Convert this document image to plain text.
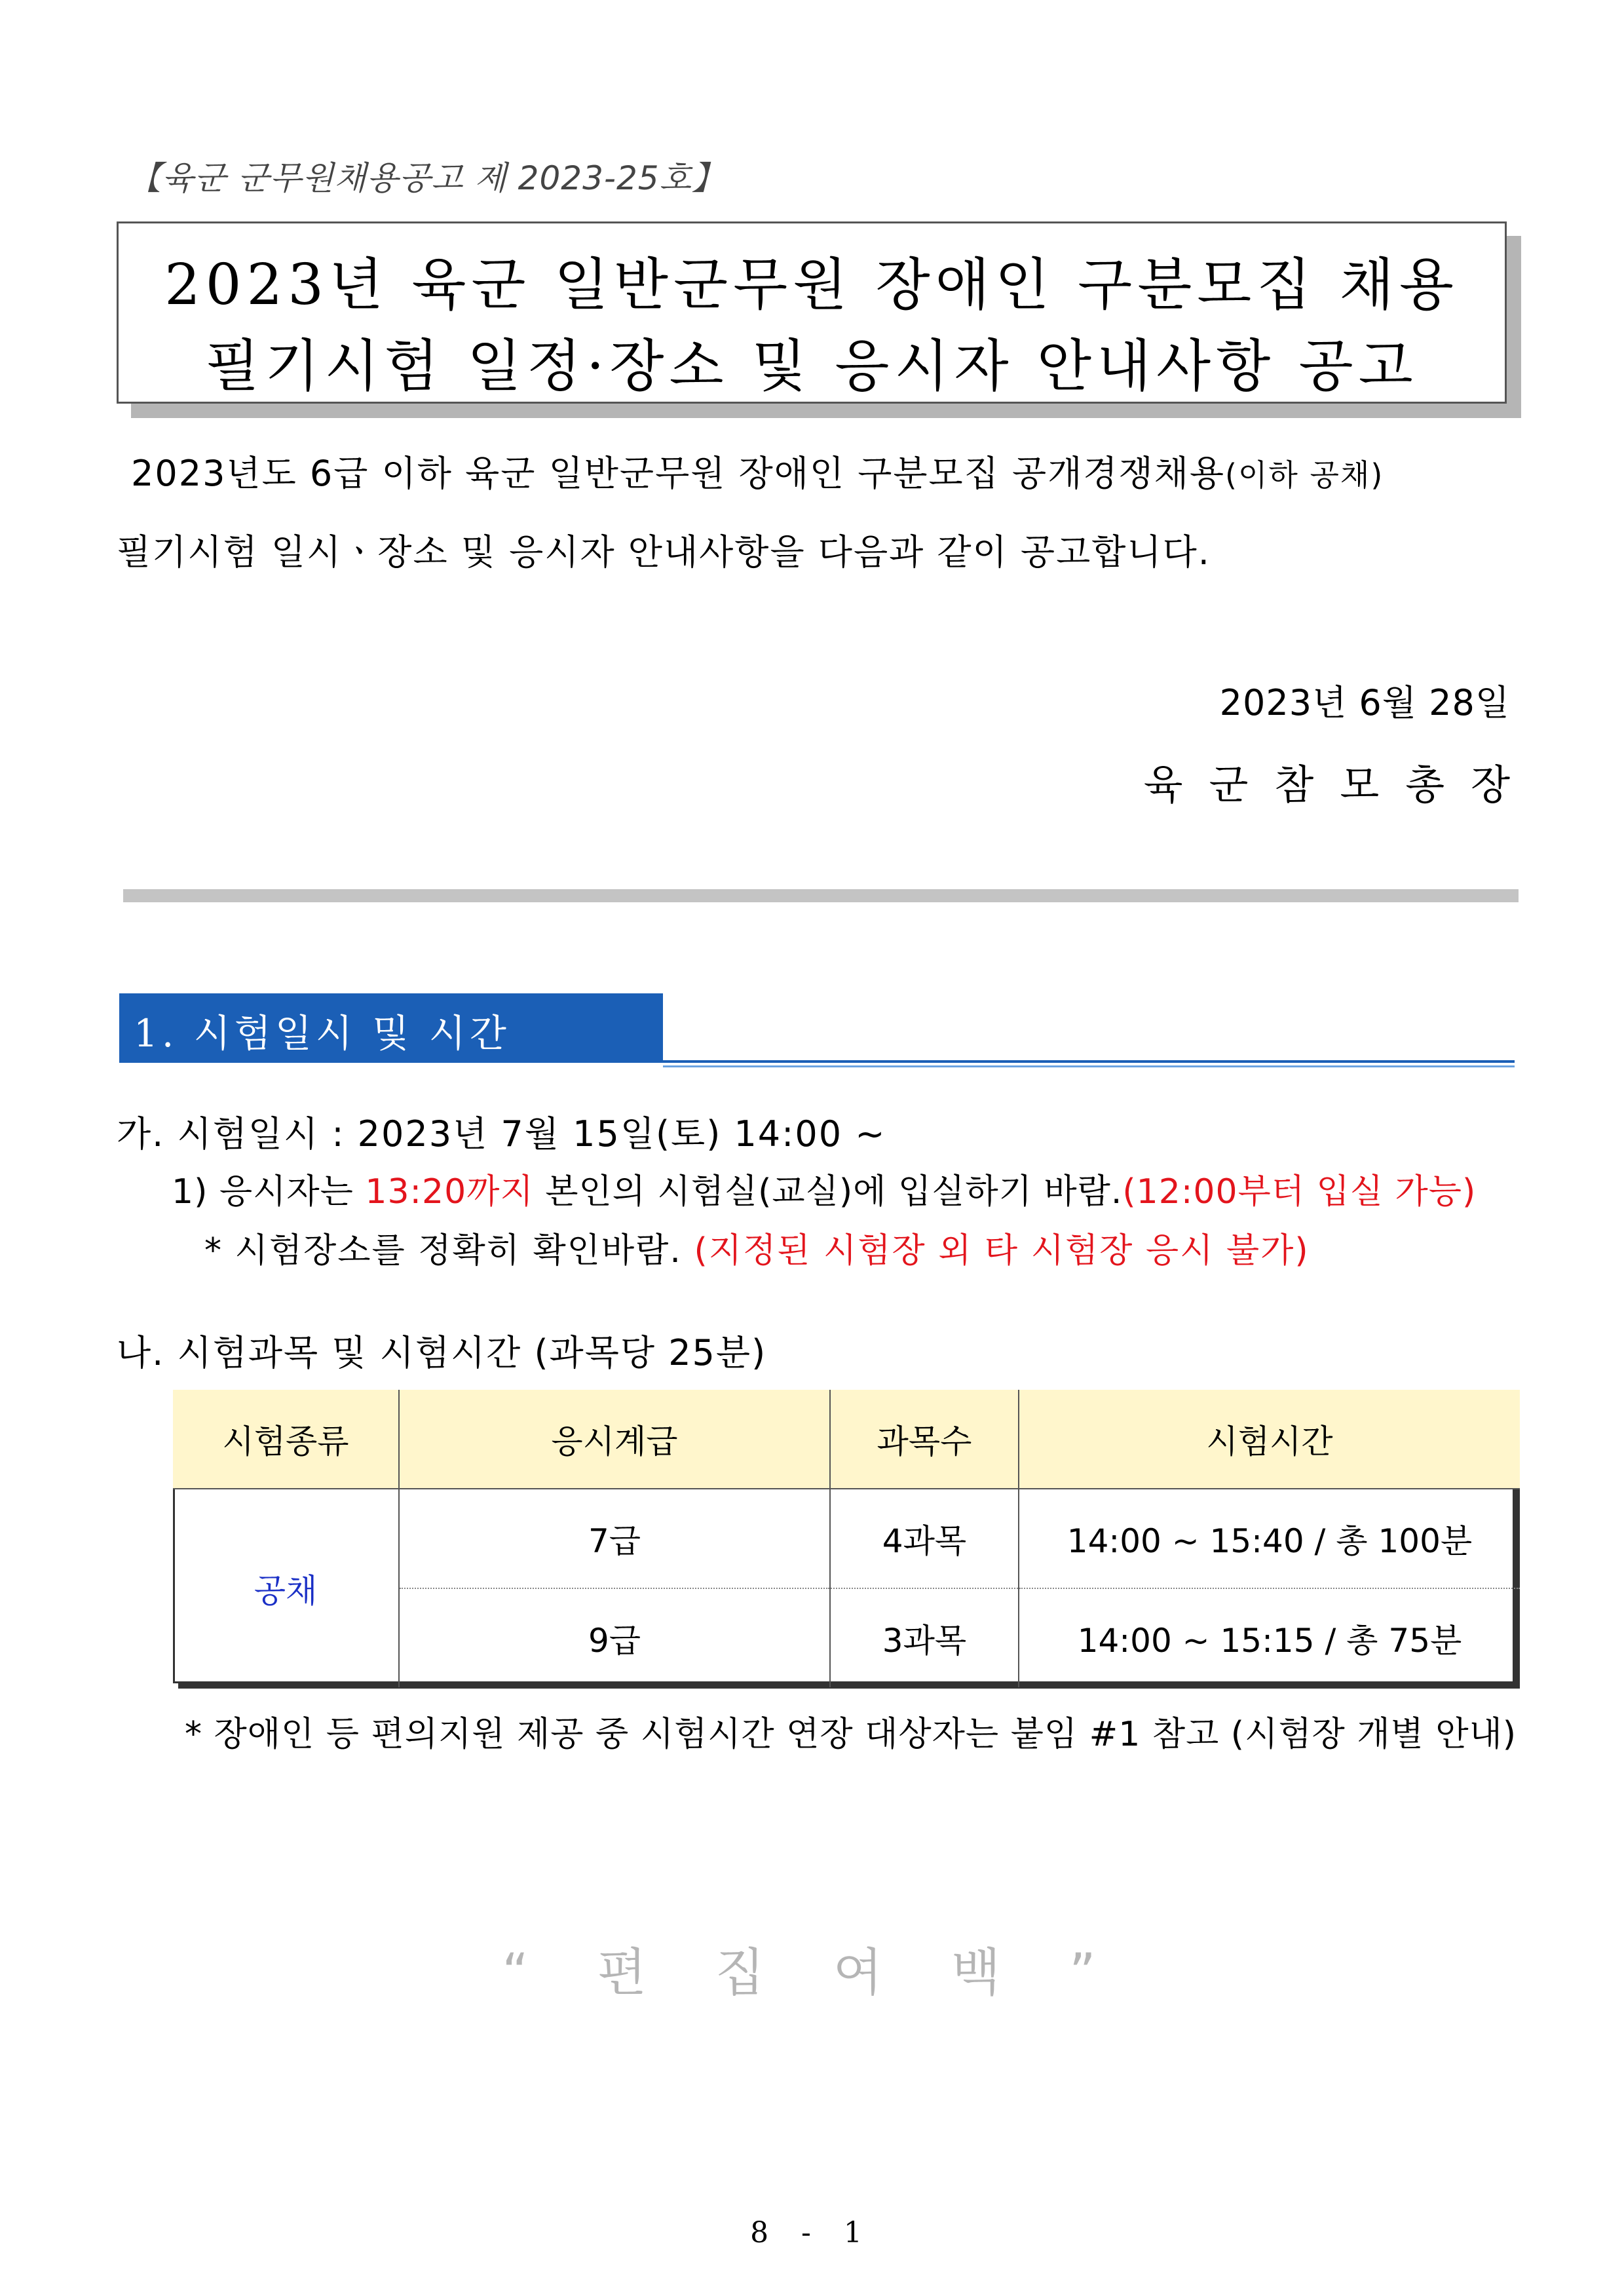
【육군 군무원채용공고 제 2023-25호】
2023년 육군 일반군무원 장애인 구분모집 채용
필기시험 일정·장소 및 응시자 안내사항 공고
2023년도 6급 이하 육군 일반군무원 장애인 구분모집 공개경쟁채용(이하 공채)
필기시험 일시ㆍ장소 및 응시자 안내사항을 다음과 같이 공고합니다.
2023년 6월 28일
육군참모총장
1. 시험일시 및 시간
가. 시험일시 : 2023년 7월 15일(토) 14:00 ~
1) 응시자는 13:20까지 본인의 시험실(교실)에 입실하기 바람.(12:00부터 입실 가능)
* 시험장소를 정확히 확인바람. (지정된 시험장 외 타 시험장 응시 불가)
나. 시험과목 및 시험시간 (과목당 25분)
시험종류	응시계급	과목수	시험시간
공채	7급	4과목	14:00 ~ 15:40 / 총 100분
	9급	3과목	14:00 ~ 15:15 / 총 75분
* 장애인 등 편의지원 제공 중 시험시간 연장 대상자는 붙임 #1 참고 (시험장 개별 안내)
“ 편 집 여 백 ”
8 - 1
